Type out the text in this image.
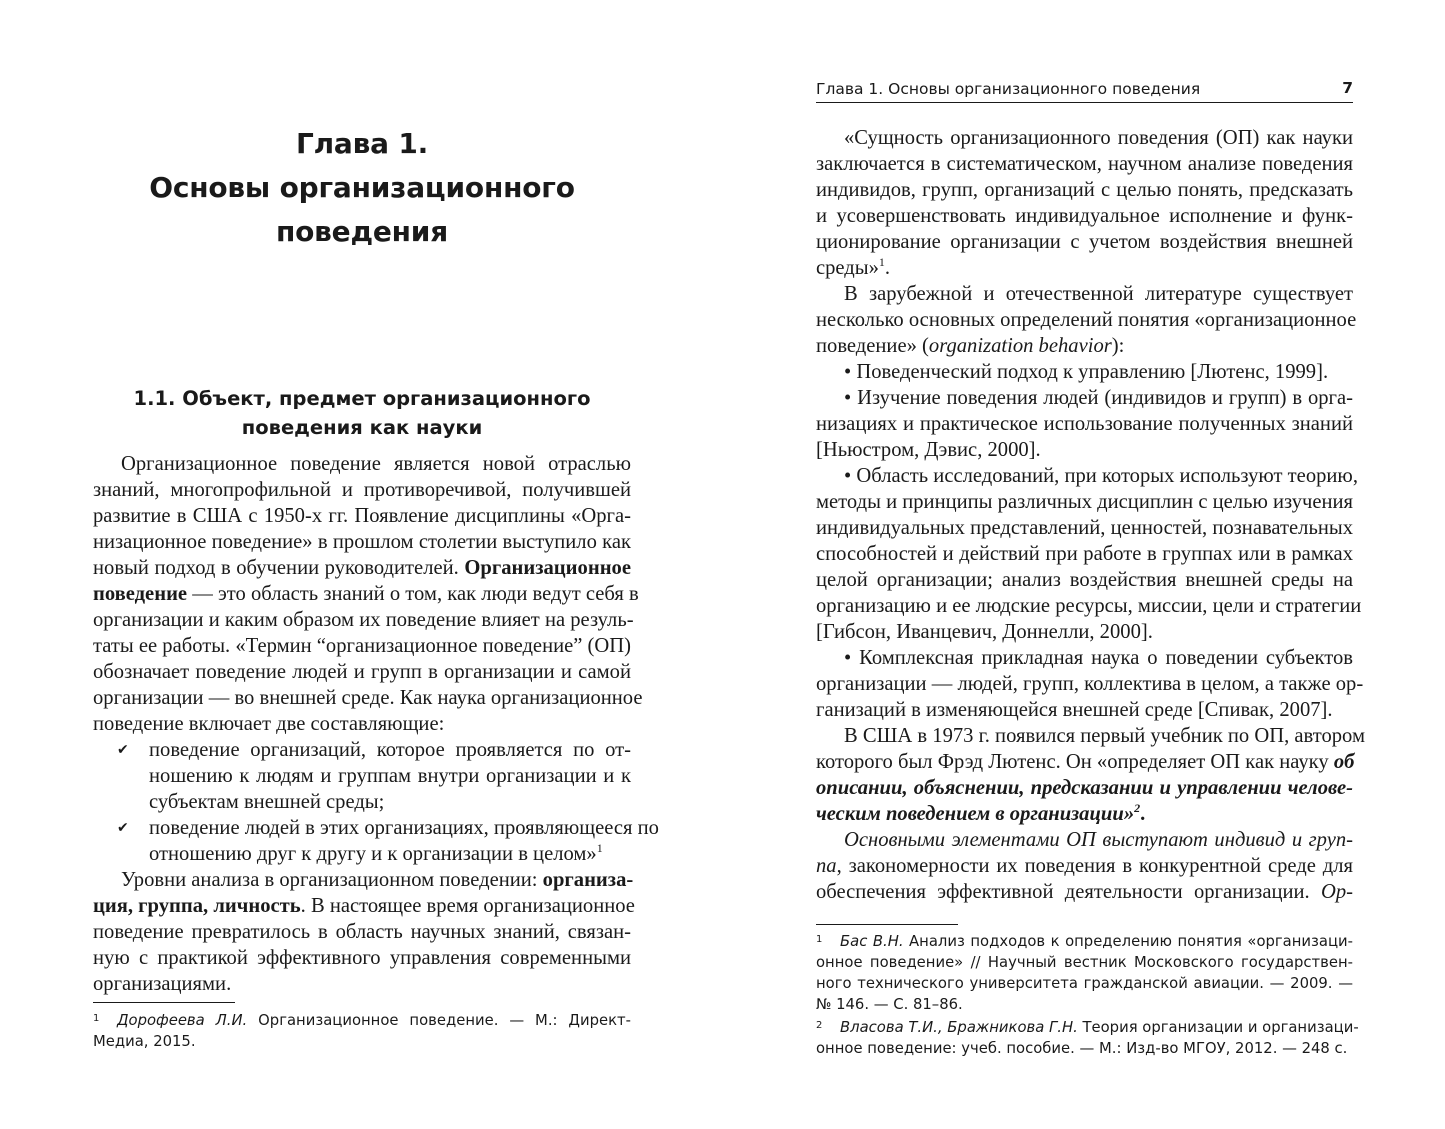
Глава 1.
Основы организационного
поведения
1.1. Объект, предмет организационного
поведения как науки
Организационное поведение является новой отраслью
знаний, многопрофильной и противоречивой, получившей
развитие в США с 1950-х гг. Появление дисциплины «Орга-
низационное поведение» в прошлом столетии выступило как
новый подход в обучении руководителей. Организационное
поведение — это область знаний о том, как люди ведут себя в
организации и каким образом их поведение влияет на резуль-
таты ее работы. «Термин “организационное поведение” (ОП)
обозначает поведение людей и групп в организации и самой
организации — во внешней среде. Как наука организационное
поведение включает две составляющие:
✔ поведение организаций, которое проявляется по от-
ношению к людям и группам внутри организации и к
субъектам внешней среды;
✔ поведение людей в этих организациях, проявляющееся по
отношению друг к другу и к организации в целом»$^1$
Уровни анализа в организационном поведении: организа-
ция, группа, личность. В настоящее время организационное
поведение превратилось в область научных знаний, связан-
ную с практикой эффективного управления современными
организациями.
1 Дорофеева Л.И. Организационное поведение. — М.: Директ-
Медиа, 2015.
Глава 1. Основы организационного поведения	7
«Сущность организационного поведения (ОП) как науки
заключается в систематическом, научном анализе поведения
индивидов, групп, организаций с целью понять, предсказать
и усовершенствовать индивидуальное исполнение и функ-
ционирование организации с учетом воздействия внешней
среды»$^1$.
В зарубежной и отечественной литературе существует
несколько основных определений понятия «организационное
поведение» (organization behavior):
• Поведенческий подход к управлению [Лютенс, 1999].
• Изучение поведения людей (индивидов и групп) в орга-
низациях и практическое использование полученных знаний
[Ньюстром, Дэвис, 2000].
• Область исследований, при которых используют теорию,
методы и принципы различных дисциплин с целью изучения
индивидуальных представлений, ценностей, познавательных
способностей и действий при работе в группах или в рамках
целой организации; анализ воздействия внешней среды на
организацию и ее людские ресурсы, миссии, цели и стратегии
[Гибсон, Иванцевич, Доннелли, 2000].
• Комплексная прикладная наука о поведении субъектов
организации — людей, групп, коллектива в целом, а также ор-
ганизаций в изменяющейся внешней среде [Спивак, 2007].
В США в 1973 г. появился первый учебник по ОП, автором
которого был Фрэд Лютенс. Он «определяет ОП как науку об
описании, объяснении, предсказании и управлении челове-
ческим поведением в организации»$^2$.
Основными элементами ОП выступают индивид и груп-
па, закономерности их поведения в конкурентной среде для
обеспечения эффективной деятельности организации. Ор-
1 Бас В.Н. Анализ подходов к определению понятия «организаци-
онное поведение» // Научный вестник Московского государствен-
ного технического университета гражданской авиации. — 2009. —
№ 146. — С. 81–86.
2 Власова Т.И., Бражникова Г.Н. Теория организации и организаци-
онное поведение: учеб. пособие. — М.: Изд-во МГОУ, 2012. — 248 с.
